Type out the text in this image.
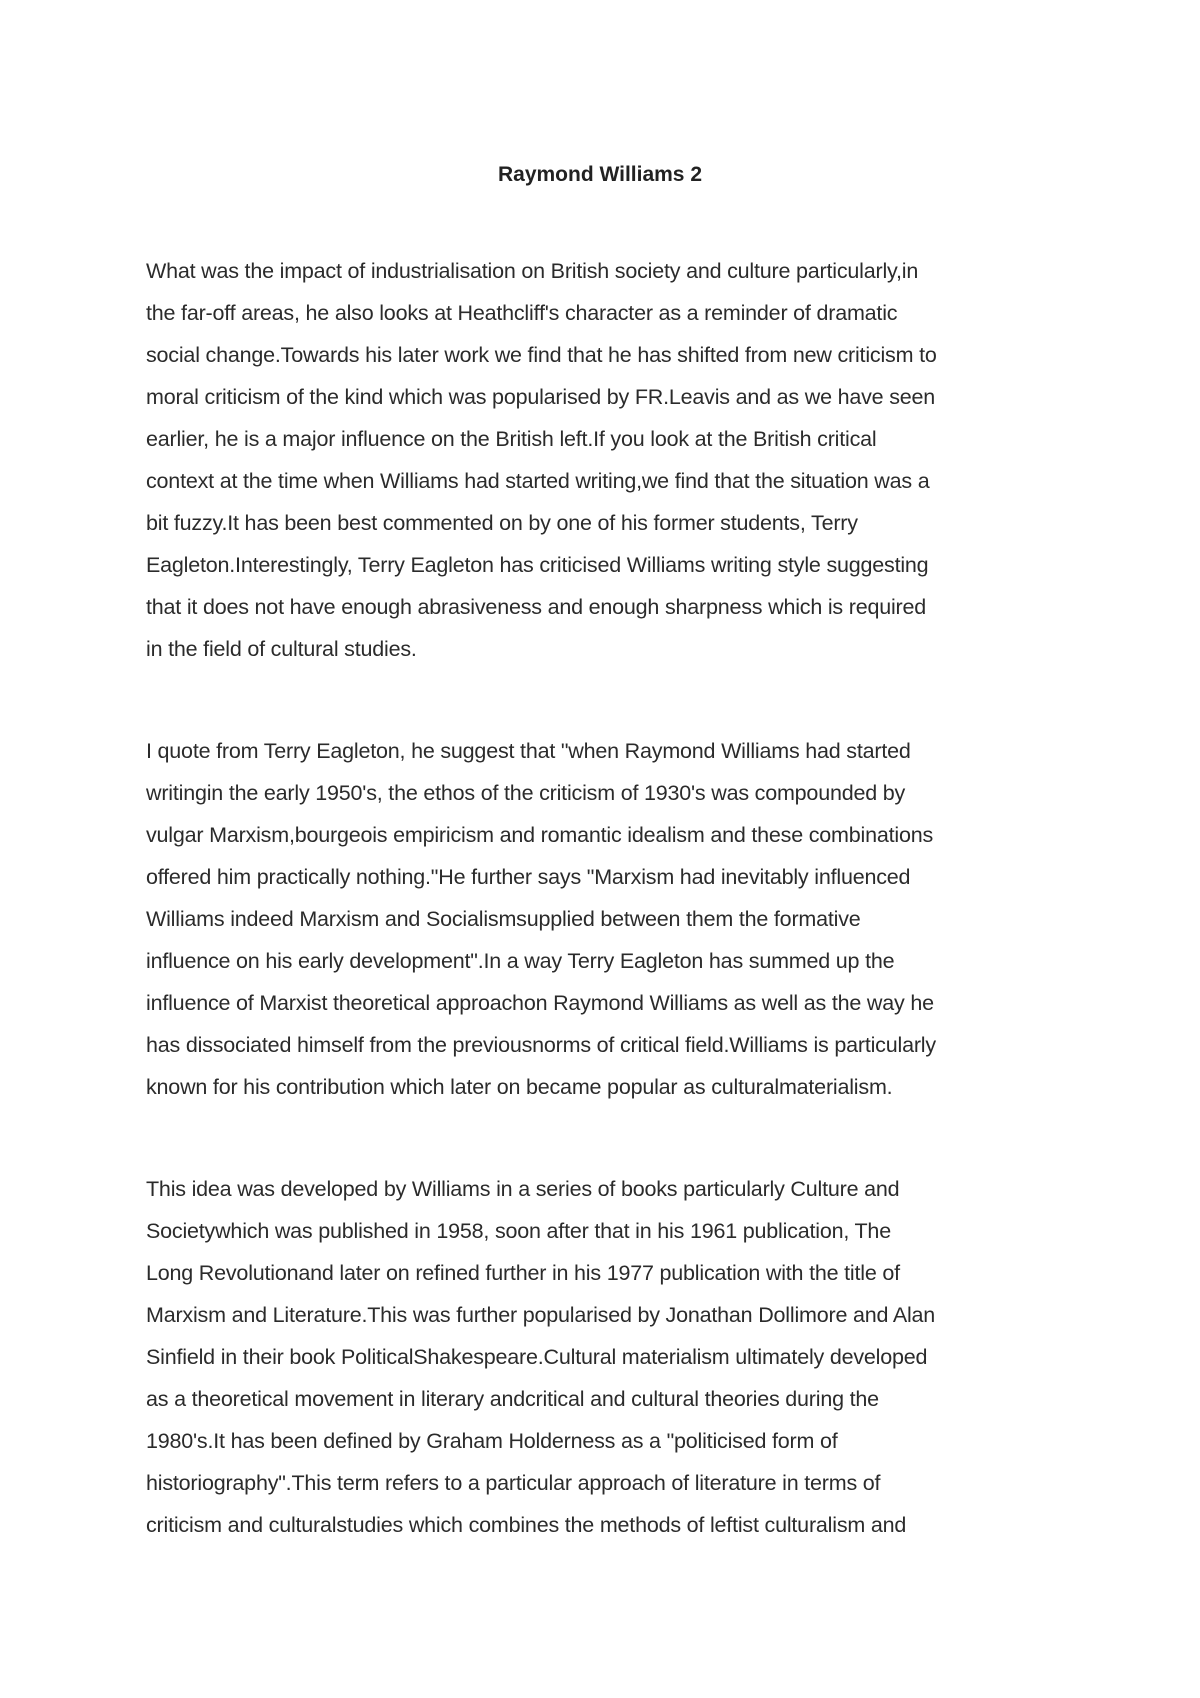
Raymond Williams 2
What was the impact of industrialisation on British society and culture particularly,in
the far-off areas, he also looks at Heathcliff's character as a reminder of dramatic
social change.Towards his later work we find that he has shifted from new criticism to
moral criticism of the kind which was popularised by FR.Leavis and as we have seen
earlier, he is a major influence on the British left.If you look at the British critical
context at the time when Williams had started writing,we find that the situation was a
bit fuzzy.It has been best commented on by one of his former students, Terry
Eagleton.Interestingly, Terry Eagleton has criticised Williams writing style suggesting
that it does not have enough abrasiveness and enough sharpness which is required
in the field of cultural studies.
I quote from Terry Eagleton, he suggest that "when Raymond Williams had started
writingin the early 1950's, the ethos of the criticism of 1930's was compounded by
vulgar Marxism,bourgeois empiricism and romantic idealism and these combinations
offered him practically nothing."He further says "Marxism had inevitably influenced
Williams indeed Marxism and Socialismsupplied between them the formative
influence on his early development".In a way Terry Eagleton has summed up the
influence of Marxist theoretical approachon Raymond Williams as well as the way he
has dissociated himself from the previousnorms of critical field.Williams is particularly
known for his contribution which later on became popular as culturalmaterialism.
This idea was developed by Williams in a series of books particularly Culture and
Societywhich was published in 1958, soon after that in his 1961 publication, The
Long Revolutionand later on refined further in his 1977 publication with the title of
Marxism and Literature.This was further popularised by Jonathan Dollimore and Alan
Sinfield in their book PoliticalShakespeare.Cultural materialism ultimately developed
as a theoretical movement in literary andcritical and cultural theories during the
1980's.It has been defined by Graham Holderness as a "politicised form of
historiography".This term refers to a particular approach of literature in terms of
criticism and culturalstudies which combines the methods of leftist culturalism and
